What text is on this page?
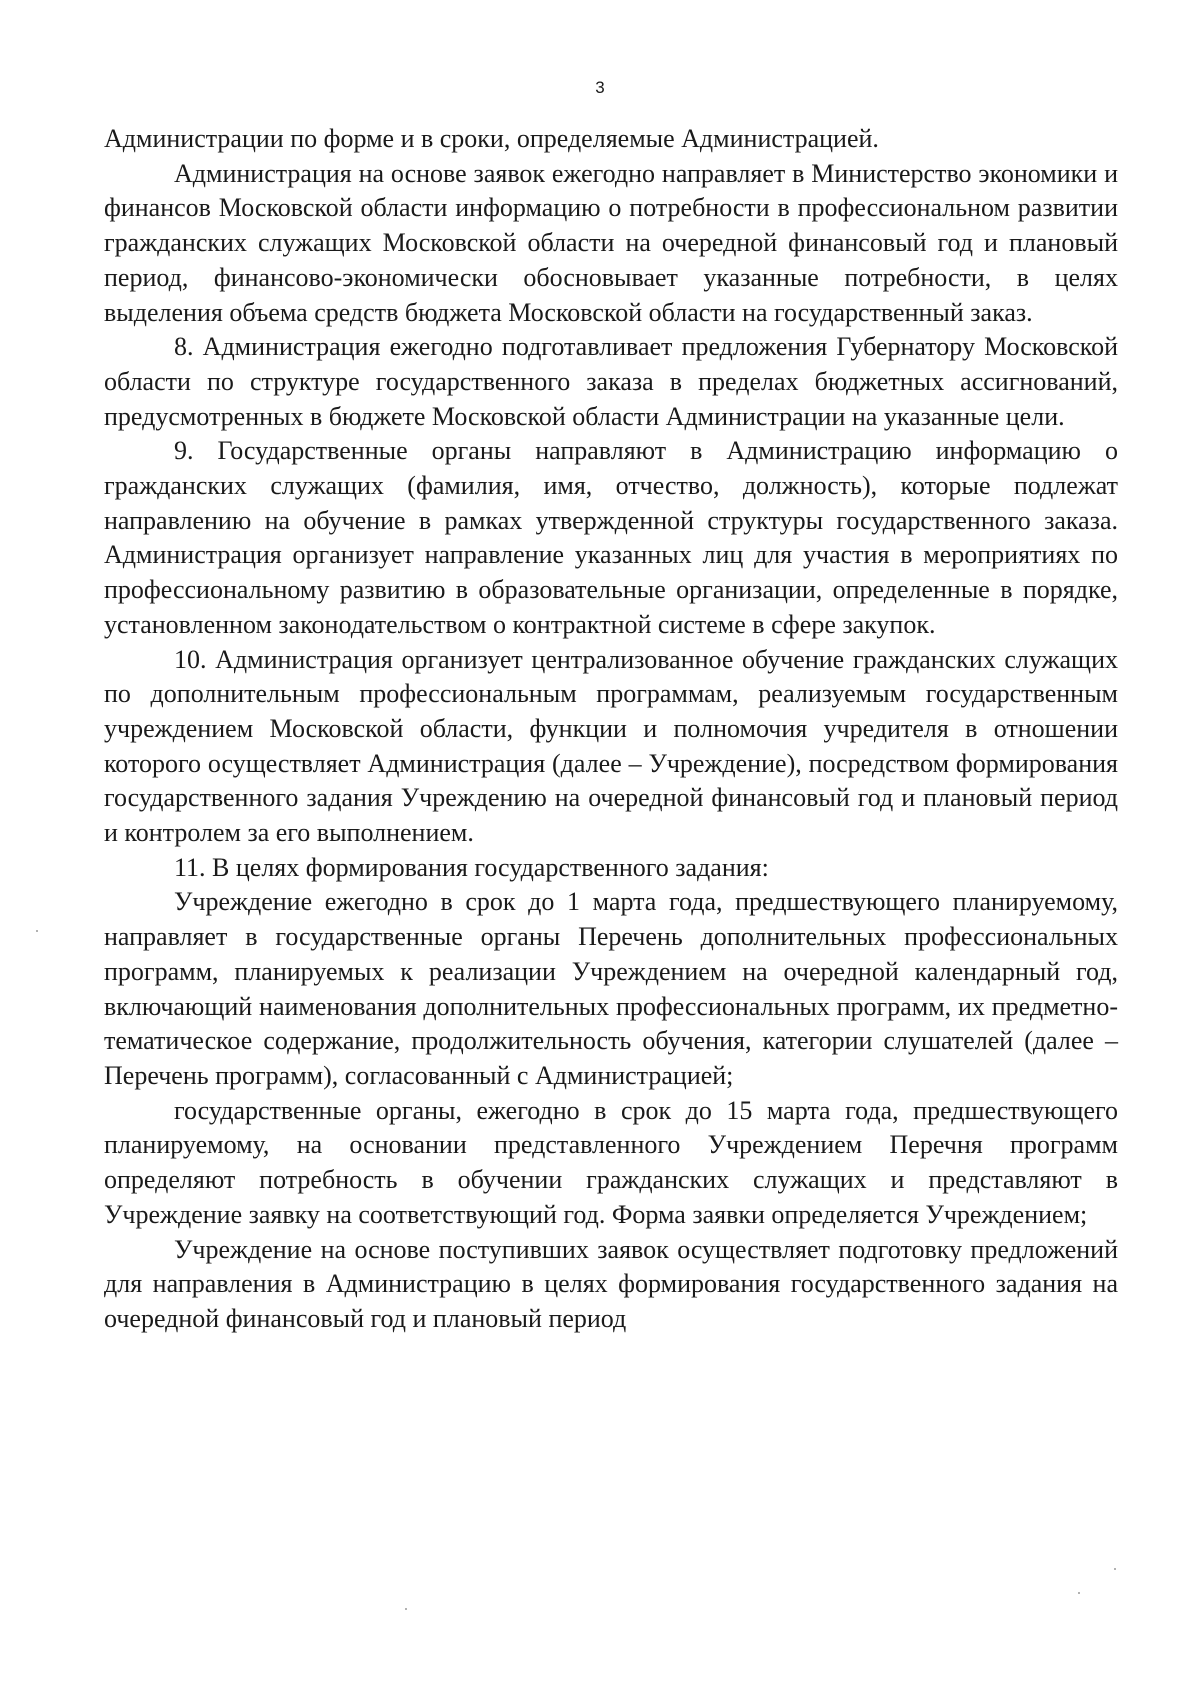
3

Администрации по форме и в сроки, определяемые Администрацией.

Администрация на основе заявок ежегодно направляет в Министерство экономики и финансов Московской области информацию о потребности в профессиональном развитии гражданских служащих Московской области на очередной финансовый год и плановый период, финансово-экономически обосновывает указанные потребности, в целях выделения объема средств бюджета Московской области на государственный заказ.

8. Администрация ежегодно подготавливает предложения Губернатору Московской области по структуре государственного заказа в пределах бюджетных ассигнований, предусмотренных в бюджете Московской области Администрации на указанные цели.

9. Государственные органы направляют в Администрацию информацию о гражданских служащих (фамилия, имя, отчество, должность), которые подлежат направлению на обучение в рамках утвержденной структуры государственного заказа. Администрация организует направление указанных лиц для участия в мероприятиях по профессиональному развитию в образовательные организации, определенные в порядке, установленном законодательством о контрактной системе в сфере закупок.

10. Администрация организует централизованное обучение гражданских служащих по дополнительным профессиональным программам, реализуемым государственным учреждением Московской области, функции и полномочия учредителя в отношении которого осуществляет Администрация (далее – Учреждение), посредством формирования государственного задания Учреждению на очередной финансовый год и плановый период и контролем за его выполнением.

11. В целях формирования государственного задания:

Учреждение ежегодно в срок до 1 марта года, предшествующего планируемому, направляет в государственные органы Перечень дополнительных профессиональных программ, планируемых к реализации Учреждением на очередной календарный год, включающий наименования дополнительных профессиональных программ, их предметно-тематическое содержание, продолжительность обучения, категории слушателей (далее – Перечень программ), согласованный с Администрацией;

государственные органы, ежегодно в срок до 15 марта года, предшествующего планируемому, на основании представленного Учреждением Перечня программ определяют потребность в обучении гражданских служащих и представляют в Учреждение заявку на соответствующий год. Форма заявки определяется Учреждением;

Учреждение на основе поступивших заявок осуществляет подготовку предложений для направления в Администрацию в целях формирования государственного задания на очередной финансовый год и плановый период
